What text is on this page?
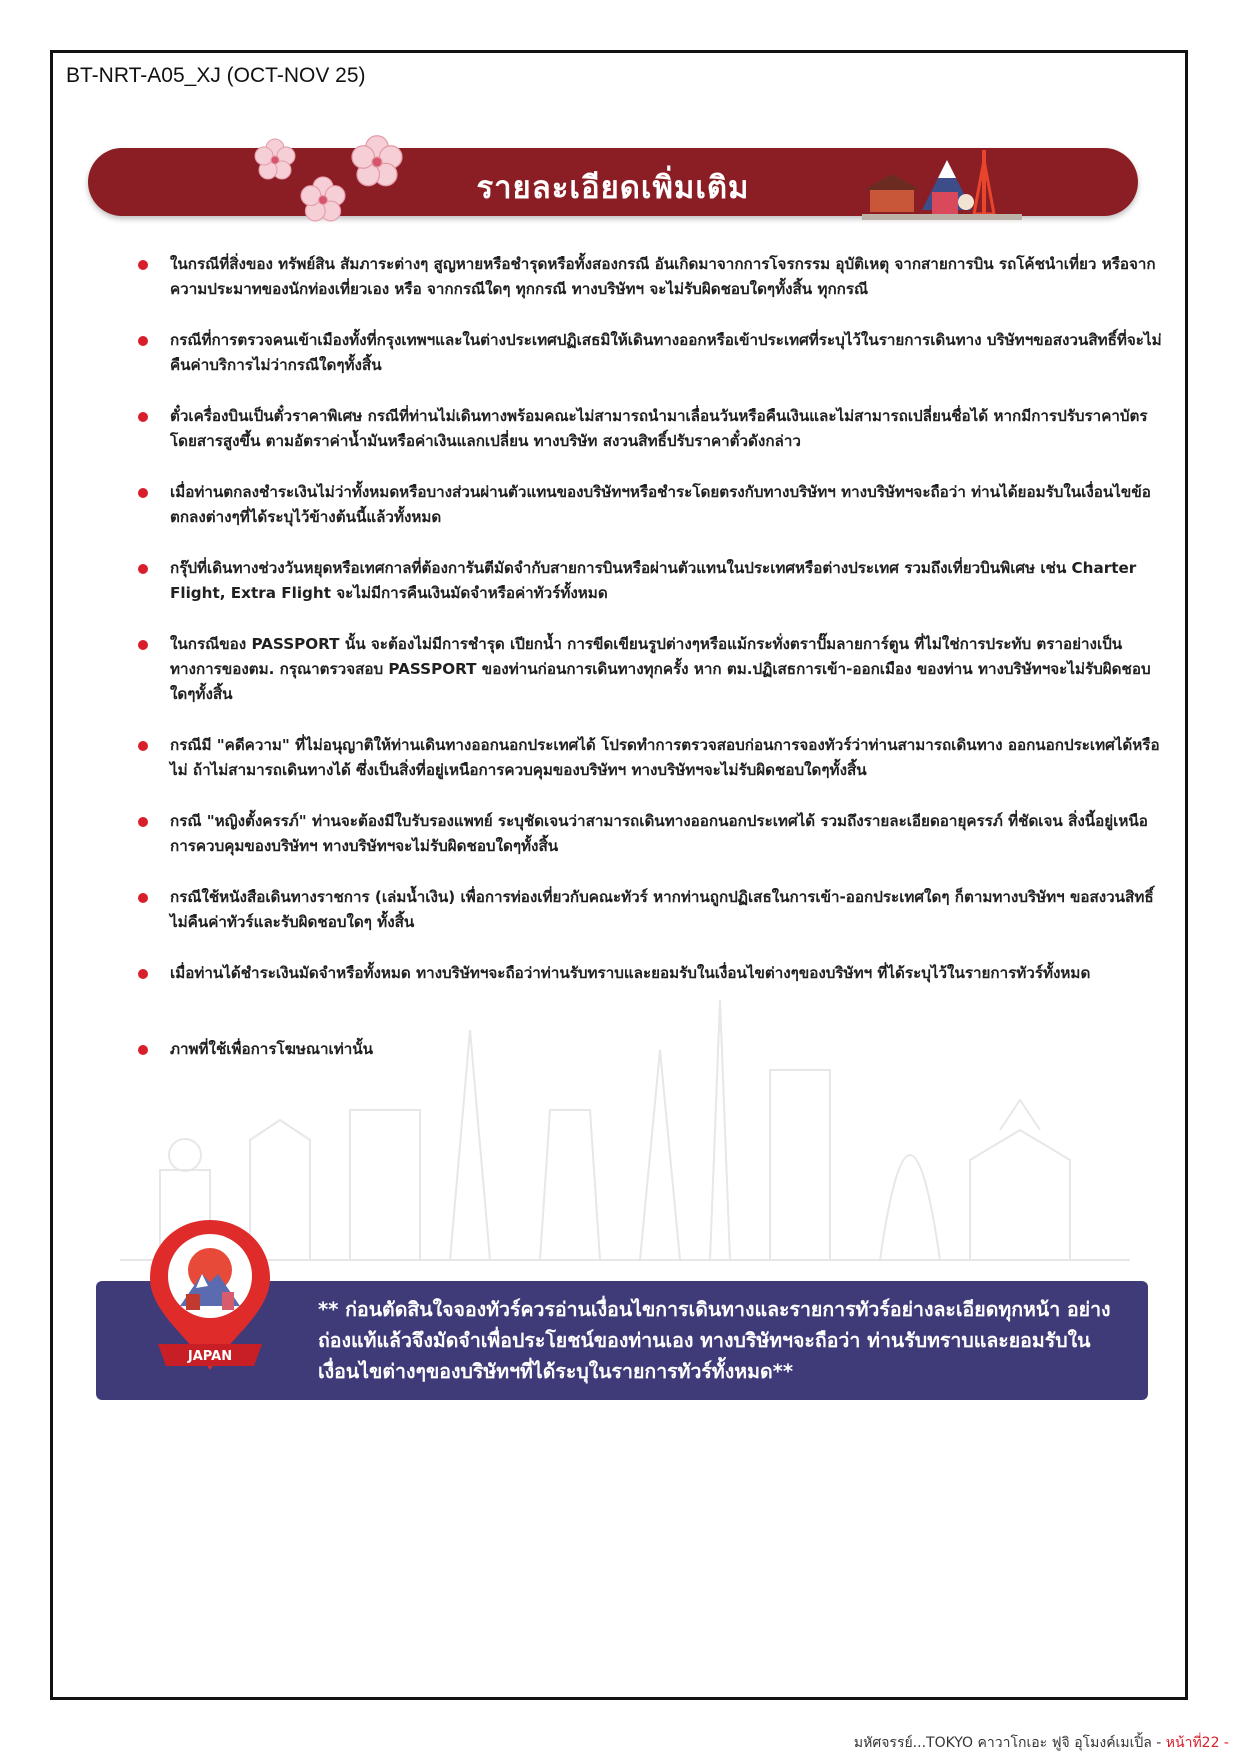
BT-NRT-A05_XJ (OCT-NOV 25)
รายละเอียดเพิ่มเติม
ในกรณีที่สิ่งของ ทรัพย์สิน สัมภาระต่างๆ สูญหายหรือชำรุดหรือทั้งสองกรณี อันเกิดมาจากการโจรกรรม อุบัติเหตุ จากสายการบิน รถโค้ชนำเที่ยว หรือจากความประมาทของนักท่องเที่ยวเอง หรือ จากกรณีใดๆ ทุกกรณี ทางบริษัทฯ จะไม่รับผิดชอบใดๆทั้งสิ้น ทุกกรณี
กรณีที่การตรวจคนเข้าเมืองทั้งที่กรุงเทพฯและในต่างประเทศปฏิเสธมิให้เดินทางออกหรือเข้าประเทศที่ระบุไว้ในรายการเดินทาง บริษัทฯขอสงวนสิทธิ์ที่จะไม่คืนค่าบริการไม่ว่ากรณีใดๆทั้งสิ้น
ตั๋วเครื่องบินเป็นตั๋วราคาพิเศษ กรณีที่ท่านไม่เดินทางพร้อมคณะไม่สามารถนำมาเลื่อนวันหรือคืนเงินและไม่สามารถเปลี่ยนชื่อได้ หากมีการปรับราคาบัตรโดยสารสูงขึ้น ตามอัตราค่าน้ำมันหรือค่าเงินแลกเปลี่ยน ทางบริษัท สงวนสิทธิ์ปรับราคาตั๋วดังกล่าว
เมื่อท่านตกลงชำระเงินไม่ว่าทั้งหมดหรือบางส่วนผ่านตัวแทนของบริษัทฯหรือชำระโดยตรงกับทางบริษัทฯ ทางบริษัทฯจะถือว่า ท่านได้ยอมรับในเงื่อนไขข้อตกลงต่างๆที่ได้ระบุไว้ข้างต้นนี้แล้วทั้งหมด
กรุ๊ปที่เดินทางช่วงวันหยุดหรือเทศกาลที่ต้องการันตีมัดจำกับสายการบินหรือผ่านตัวแทนในประเทศหรือต่างประเทศ รวมถึงเที่ยวบินพิเศษ เช่น Charter Flight, Extra Flight จะไม่มีการคืนเงินมัดจำหรือค่าทัวร์ทั้งหมด
ในกรณีของ PASSPORT นั้น จะต้องไม่มีการชำรุด เปียกน้ำ การขีดเขียนรูปต่างๆหรือแม้กระทั่งตราปั๊มลายการ์ตูน ที่ไม่ใช่การประทับ ตราอย่างเป็นทางการของตม. กรุณาตรวจสอบ PASSPORT ของท่านก่อนการเดินทางทุกครั้ง หาก ตม.ปฏิเสธการเข้า-ออกเมือง ของท่าน ทางบริษัทฯจะไม่รับผิดชอบใดๆทั้งสิ้น
กรณีมี "คดีความ" ที่ไม่อนุญาติให้ท่านเดินทางออกนอกประเทศได้ โปรดทำการตรวจสอบก่อนการจองทัวร์ว่าท่านสามารถเดินทาง ออกนอกประเทศได้หรือไม่ ถ้าไม่สามารถเดินทางได้ ซึ่งเป็นสิ่งที่อยู่เหนือการควบคุมของบริษัทฯ ทางบริษัทฯจะไม่รับผิดชอบใดๆทั้งสิ้น
กรณี "หญิงตั้งครรภ์" ท่านจะต้องมีใบรับรองแพทย์ ระบุชัดเจนว่าสามารถเดินทางออกนอกประเทศได้ รวมถึงรายละเอียดอายุครรภ์ ที่ชัดเจน สิ่งนี้อยู่เหนือการควบคุมของบริษัทฯ ทางบริษัทฯจะไม่รับผิดชอบใดๆทั้งสิ้น
กรณีใช้หนังสือเดินทางราชการ (เล่มน้ำเงิน) เพื่อการท่องเที่ยวกับคณะทัวร์ หากท่านถูกปฏิเสธในการเข้า-ออกประเทศใดๆ ก็ตามทางบริษัทฯ ขอสงวนสิทธิ์ไม่คืนค่าทัวร์และรับผิดชอบใดๆ ทั้งสิ้น
เมื่อท่านได้ชำระเงินมัดจำหรือทั้งหมด ทางบริษัทฯจะถือว่าท่านรับทราบและยอมรับในเงื่อนไขต่างๆของบริษัทฯ ที่ได้ระบุไว้ในรายการทัวร์ทั้งหมด
ภาพที่ใช้เพื่อการโฆษณาเท่านั้น
** ก่อนตัดสินใจจองทัวร์ควรอ่านเงื่อนไขการเดินทางและรายการทัวร์อย่างละเอียดทุกหน้า อย่างถ่องแท้แล้วจึงมัดจำเพื่อประโยชน์ของท่านเอง ทางบริษัทฯจะถือว่า ท่านรับทราบและยอมรับในเงื่อนไขต่างๆของบริษัทฯที่ได้ระบุในรายการทัวร์ทั้งหมด**
JAPAN
มหัศจรรย์...TOKYO คาวาโกเอะ ฟูจิ อุโมงค์เมเปิ้ล - หน้าที่22 -
